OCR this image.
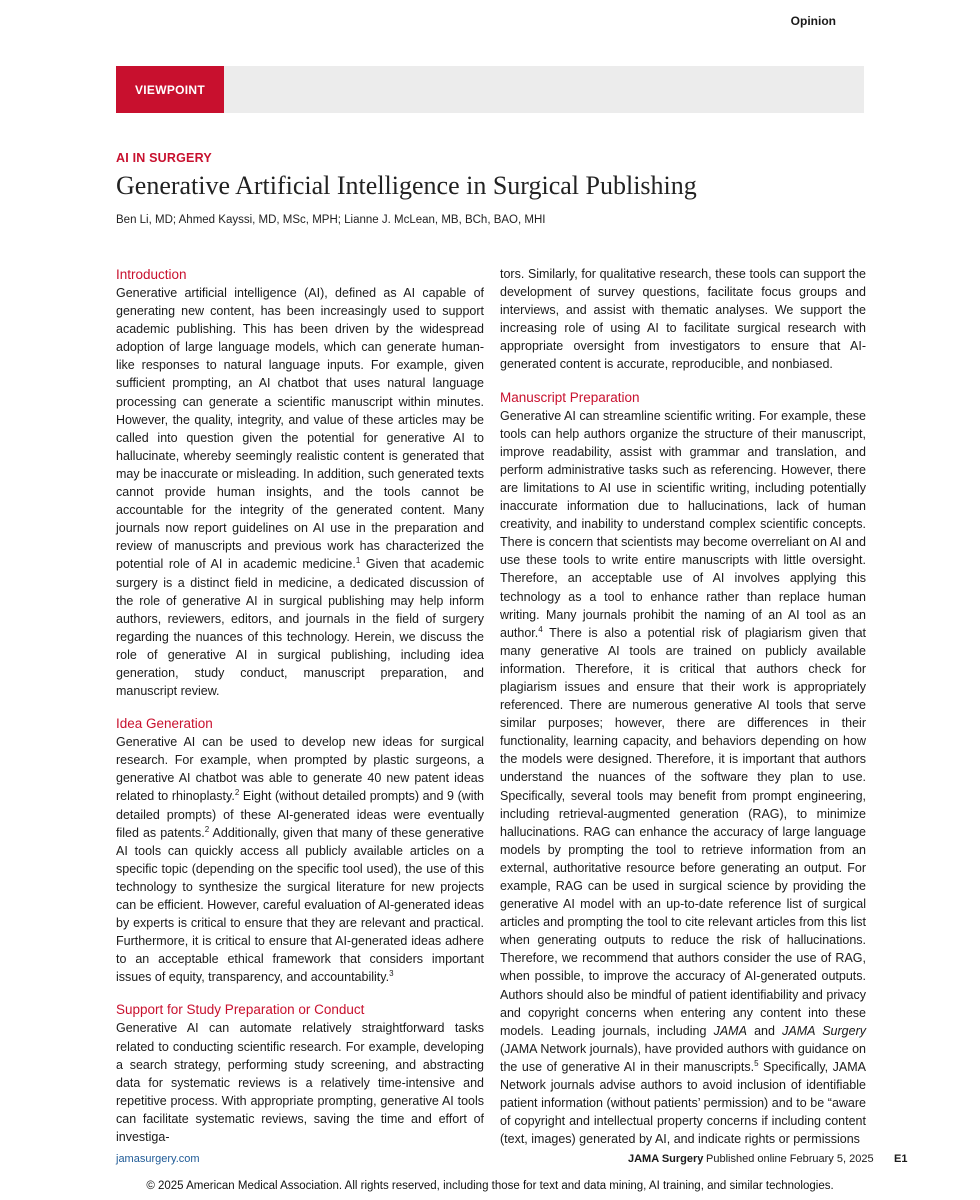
Opinion
VIEWPOINT
AI IN SURGERY
Generative Artificial Intelligence in Surgical Publishing
Ben Li, MD; Ahmed Kayssi, MD, MSc, MPH; Lianne J. McLean, MB, BCh, BAO, MHI
Introduction

Generative artificial intelligence (AI), defined as AI capable of generating new content, has been increasingly used to support academic publishing. This has been driven by the widespread adoption of large language models, which can generate human-like responses to natural language inputs. For example, given sufficient prompting, an AI chatbot that uses natural language processing can generate a scientific manuscript within minutes. However, the quality, integrity, and value of these articles may be called into question given the potential for generative AI to hallucinate, whereby seemingly realistic content is generated that may be inaccurate or misleading. In addition, such generated texts cannot provide human insights, and the tools cannot be accountable for the integrity of the generated content. Many journals now report guidelines on AI use in the preparation and review of manuscripts and previous work has characterized the potential role of AI in academic medicine.$^1$ Given that academic surgery is a distinct field in medicine, a dedicated discussion of the role of generative AI in surgical publishing may help inform authors, reviewers, editors, and journals in the field of surgery regarding the nuances of this technology. Herein, we discuss the role of generative AI in surgical publishing, including idea generation, study conduct, manuscript preparation, and manuscript review.

Idea Generation

Generative AI can be used to develop new ideas for surgical research. For example, when prompted by plastic surgeons, a generative AI chatbot was able to generate 40 new patent ideas related to rhinoplasty.$^2$ Eight (without detailed prompts) and 9 (with detailed prompts) of these AI-generated ideas were eventually filed as patents.$^2$ Additionally, given that many of these generative AI tools can quickly access all publicly available articles on a specific topic (depending on the specific tool used), the use of this technology to synthesize the surgical literature for new projects can be efficient. However, careful evaluation of AI-generated ideas by experts is critical to ensure that they are relevant and practical. Furthermore, it is critical to ensure that AI-generated ideas adhere to an acceptable ethical framework that considers important issues of equity, transparency, and accountability.$^3$

Support for Study Preparation or Conduct

Generative AI can automate relatively straightforward tasks related to conducting scientific research. For example, developing a search strategy, performing study screening, and abstracting data for systematic reviews is a relatively time-intensive and repetitive process. With appropriate prompting, generative AI tools can facilitate systematic reviews, saving the time and effort of investiga-

tors. Similarly, for qualitative research, these tools can support the development of survey questions, facilitate focus groups and interviews, and assist with thematic analyses. We support the increasing role of using AI to facilitate surgical research with appropriate oversight from investigators to ensure that AI-generated content is accurate, reproducible, and nonbiased.

Manuscript Preparation

Generative AI can streamline scientific writing. For example, these tools can help authors organize the structure of their manuscript, improve readability, assist with grammar and translation, and perform administrative tasks such as referencing. However, there are limitations to AI use in scientific writing, including potentially inaccurate information due to hallucinations, lack of human creativity, and inability to understand complex scientific concepts. There is concern that scientists may become overreliant on AI and use these tools to write entire manuscripts with little oversight. Therefore, an acceptable use of AI involves applying this technology as a tool to enhance rather than replace human writing. Many journals prohibit the naming of an AI tool as an author.$^4$ There is also a potential risk of plagiarism given that many generative AI tools are trained on publicly available information. Therefore, it is critical that authors check for plagiarism issues and ensure that their work is appropriately referenced. There are numerous generative AI tools that serve similar purposes; however, there are differences in their functionality, learning capacity, and behaviors depending on how the models were designed. Therefore, it is important that authors understand the nuances of the software they plan to use. Specifically, several tools may benefit from prompt engineering, including retrieval-augmented generation (RAG), to minimize hallucinations. RAG can enhance the accuracy of large language models by prompting the tool to retrieve information from an external, authoritative resource before generating an output. For example, RAG can be used in surgical science by providing the generative AI model with an up-to-date reference list of surgical articles and prompting the tool to cite relevant articles from this list when generating outputs to reduce the risk of hallucinations. Therefore, we recommend that authors consider the use of RAG, when possible, to improve the accuracy of AI-generated outputs. Authors should also be mindful of patient identifiability and privacy and copyright concerns when entering any content into these models. Leading journals, including JAMA and JAMA Surgery (JAMA Network journals), have provided authors with guidance on the use of generative AI in their manuscripts.$^5$ Specifically, JAMA Network journals advise authors to avoid inclusion of identifiable patient information (without patients’ permission) and to be “aware of copyright and intellectual property concerns if including content (text, images) generated by AI, and indicate rights or permissions

jamasurgery.com	JAMA Surgery Published online February 5, 2025 E1
© 2025 American Medical Association. All rights reserved, including those for text and data mining, AI training, and similar technologies.
